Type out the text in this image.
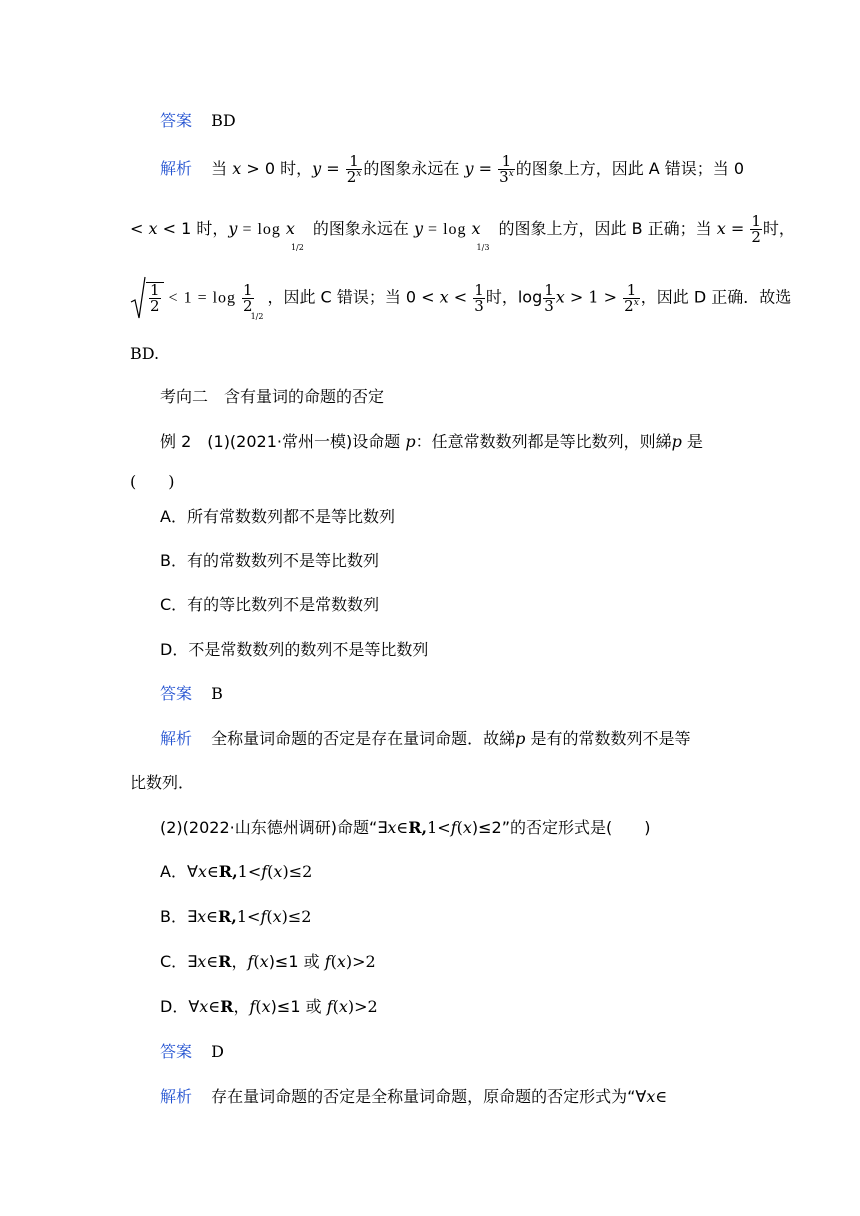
答案 BD
解析 当 x > 0 时，$y = \frac{1}{2^x}$ 的图象永远在 $y = \frac{1}{3^x}$ 的图象上方，因此 A 错误；当 0
< x < 1 时，$y = \log x_{1/2}$ 的图象永远在 $y = \log x_{1/3}$ 的图象上方，因此 B 正确；当 $x = \frac{1}{2}$ 时，
$\frac{1}{2} < 1 = \log \frac{1}{2}$
$_{1/2}$，因此 C 错误；当 $0 < x < \frac{1}{3}$ 时，$\log \frac{1}{3}$ $x > 1 > \frac{1}{2^x}$ ，因此 D 正确．故选
BD.
考向二　含有量词的命题的否定
例 2　(1)(2021·常州一模)设命题 p：任意常数数列都是等比数列，则綈p 是
(　　)
A．所有常数数列都不是等比数列
B．有的常数数列不是等比数列
C．有的等比数列不是常数数列
D．不是常数数列的数列不是等比数列
答案 B
解析 全称量词命题的否定是存在量词命题．故綈p 是有的常数数列不是等
比数列．
(2)(2022·山东德州调研)命题“∃x∈R,1<f(x)≤2”的否定形式是(　　)
A．∀x∈R,1<f(x)≤2
B．∃x∈R,1<f(x)≤2
C．∃x∈R，f(x)≤1 或 f(x)>2
D．∀x∈R，f(x)≤1 或 f(x)>2
答案 D
解析 存在量词命题的否定是全称量词命题，原命题的否定形式为“∀x∈
